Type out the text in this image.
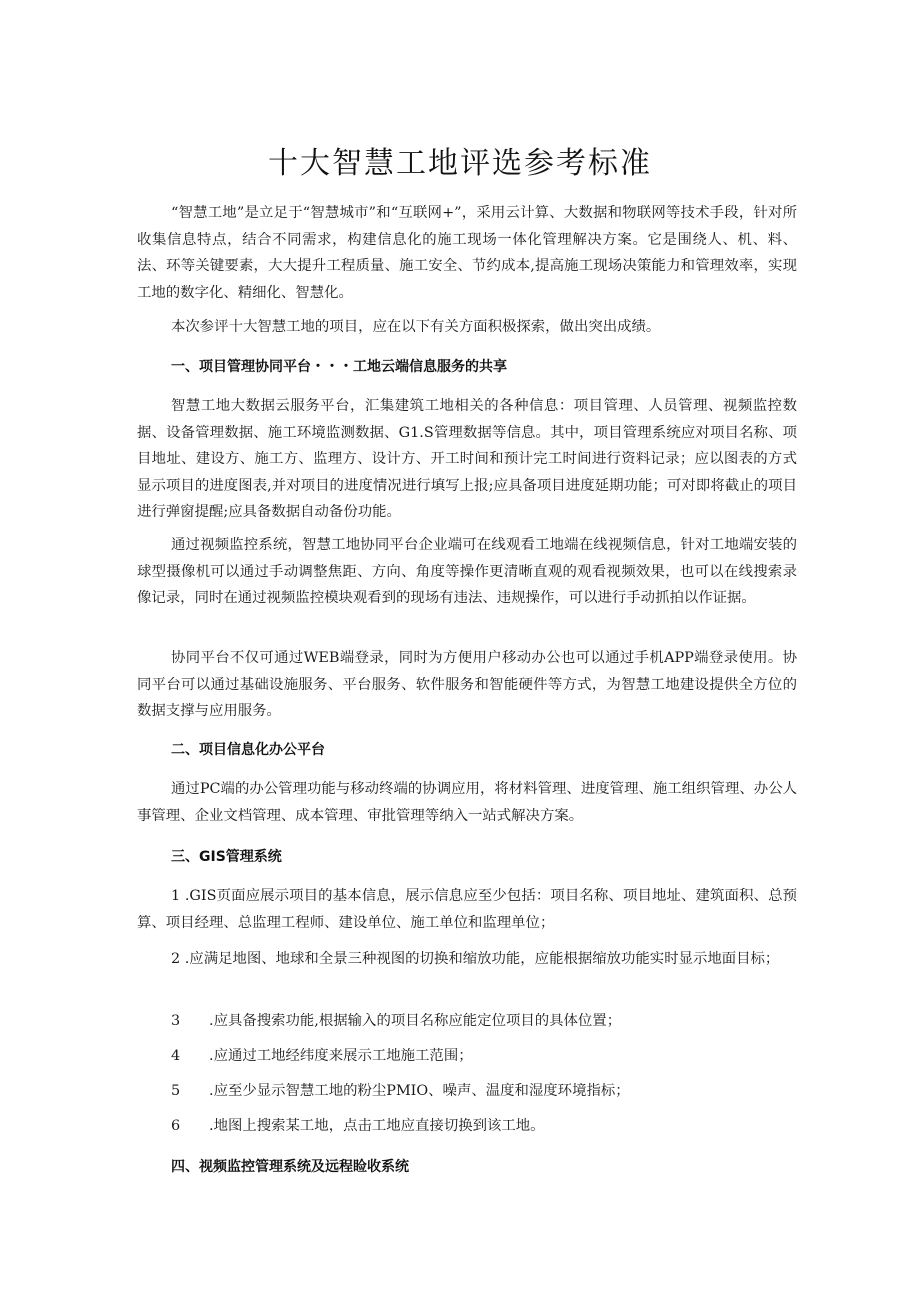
十大智慧工地评选参考标准

“智慧工地”是立足于“智慧城市”和“互联网+”，采用云计算、大数据和物联网等技术手段，针对所收集信息特点，结合不同需求，构建信息化的施工现场一体化管理解决方案。它是围绕人、机、料、法、环等关键要素，大大提升工程质量、施工安全、节约成本,提高施工现场决策能力和管理效率，实现工地的数字化、精细化、智慧化。

本次参评十大智慧工地的项目，应在以下有关方面积极探索，做出突出成绩。

一、项目管理协同平台・・・工地云端信息服务的共享

智慧工地大数据云服务平台，汇集建筑工地相关的各种信息：项目管理、人员管理、视频监控数据、设备管理数据、施工环境监测数据、G1.S管理数据等信息。其中，项目管理系统应对项目名称、项目地址、建设方、施工方、监理方、设计方、开工时间和预计完工时间进行资料记录；应以图表的方式显示项目的进度图表,并对项目的进度情况进行填写上报;应具备项目进度延期功能；可对即将截止的项目进行弹窗提醒;应具备数据自动备份功能。

通过视频监控系统，智慧工地协同平台企业端可在线观看工地端在线视频信息，针对工地端安装的球型摄像机可以通过手动调整焦距、方向、角度等操作更清晰直观的观看视频效果，也可以在线搜索录像记录，同时在通过视频监控模块观看到的现场有违法、违规操作，可以进行手动抓拍以作证据。

协同平台不仅可通过WEB端登录，同时为方便用户移动办公也可以通过手机APP端登录使用。协同平台可以通过基础设施服务、平台服务、软件服务和智能硬件等方式，为智慧工地建设提供全方位的数据支撑与应用服务。

二、项目信息化办公平台

通过PC端的办公管理功能与移动终端的协调应用，将材料管理、进度管理、施工组织管理、办公人事管理、企业文档管理、成本管理、审批管理等纳入一站式解决方案。

三、GIS管理系统

1 .GIS页面应展示项目的基本信息，展示信息应至少包括：项目名称、项目地址、建筑面积、总预算、项目经理、总监理工程师、建设单位、施工单位和监理单位；

2 .应满足地图、地球和全景三种视图的切换和缩放功能，应能根据缩放功能实时显示地面目标；

3 .应具备搜索功能,根据输入的项目名称应能定位项目的具体位置；
4 .应通过工地经纬度来展示工地施工范围；
5 .应至少显示智慧工地的粉尘PMIO、噪声、温度和湿度环境指标；
6 .地图上搜索某工地，点击工地应直接切换到该工地。
四、视频监控管理系统及远程睑收系统
